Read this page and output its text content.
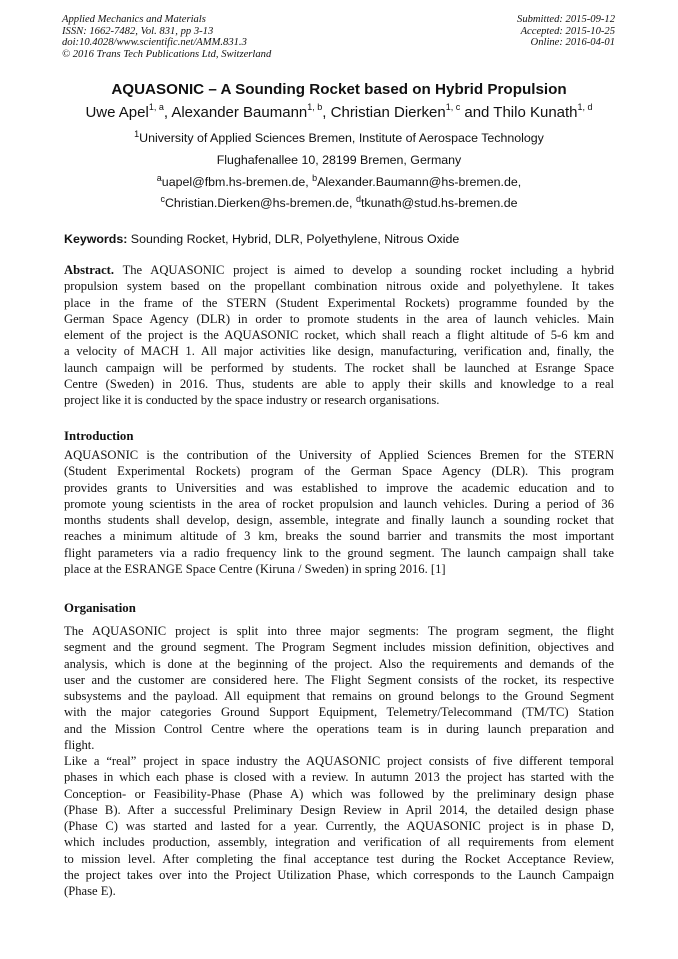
Applied Mechanics and Materials
ISSN: 1662-7482, Vol. 831, pp 3-13
doi:10.4028/www.scientific.net/AMM.831.3
© 2016 Trans Tech Publications Ltd, Switzerland
Submitted: 2015-09-12
Accepted: 2015-10-25
Online: 2016-04-01
AQUASONIC – A Sounding Rocket based on Hybrid Propulsion
Uwe Apel$^{1, a}$, Alexander Baumann$^{1, b}$, Christian Dierken$^{1, c}$ and Thilo Kunath$^{1, d}$
$^1$University of Applied Sciences Bremen, Institute of Aerospace Technology
Flughafenallee 10, 28199 Bremen, Germany
$^a$uapel@fbm.hs-bremen.de, $^b$Alexander.Baumann@hs-bremen.de,
$^c$Christian.Dierken@hs-bremen.de, $^d$tkunath@stud.hs-bremen.de
Keywords: Sounding Rocket, Hybrid, DLR, Polyethylene, Nitrous Oxide
Abstract. The AQUASONIC project is aimed to develop a sounding rocket including a hybrid
propulsion system based on the propellant combination nitrous oxide and polyethylene. It takes
place in the frame of the STERN (Student Experimental Rockets) programme founded by the
German Space Agency (DLR) in order to promote students in the area of launch vehicles. Main
element of the project is the AQUASONIC rocket, which shall reach a flight altitude of 5-6 km and
a velocity of MACH 1. All major activities like design, manufacturing, verification and, finally, the
launch campaign will be performed by students. The rocket shall be launched at Esrange Space
Centre (Sweden) in 2016. Thus, students are able to apply their skills and knowledge to a real
project like it is conducted by the space industry or research organisations.
Introduction
AQUASONIC is the contribution of the University of Applied Sciences Bremen for the STERN
(Student Experimental Rockets) program of the German Space Agency (DLR). This program
provides grants to Universities and was established to improve the academic education and to
promote young scientists in the area of rocket propulsion and launch vehicles. During a period of 36
months students shall develop, design, assemble, integrate and finally launch a sounding rocket that
reaches a minimum altitude of 3 km, breaks the sound barrier and transmits the most important
flight parameters via a radio frequency link to the ground segment. The launch campaign shall take
place at the ESRANGE Space Centre (Kiruna / Sweden) in spring 2016. [1]
Organisation
The AQUASONIC project is split into three major segments: The program segment, the flight
segment and the ground segment. The Program Segment includes mission definition, objectives and
analysis, which is done at the beginning of the project. Also the requirements and demands of the
user and the customer are considered here. The Flight Segment consists of the rocket, its respective
subsystems and the payload. All equipment that remains on ground belongs to the Ground Segment
with the major categories Ground Support Equipment, Telemetry/Telecommand (TM/TC) Station
and the Mission Control Centre where the operations team is in during launch preparation and
flight.
Like a “real” project in space industry the AQUASONIC project consists of five different temporal
phases in which each phase is closed with a review. In autumn 2013 the project has started with the
Conception- or Feasibility-Phase (Phase A) which was followed by the preliminary design phase
(Phase B). After a successful Preliminary Design Review in April 2014, the detailed design phase
(Phase C) was started and lasted for a year. Currently, the AQUASONIC project is in phase D,
which includes production, assembly, integration and verification of all requirements from element
to mission level. After completing the final acceptance test during the Rocket Acceptance Review,
the project takes over into the Project Utilization Phase, which corresponds to the Launch Campaign
(Phase E).
